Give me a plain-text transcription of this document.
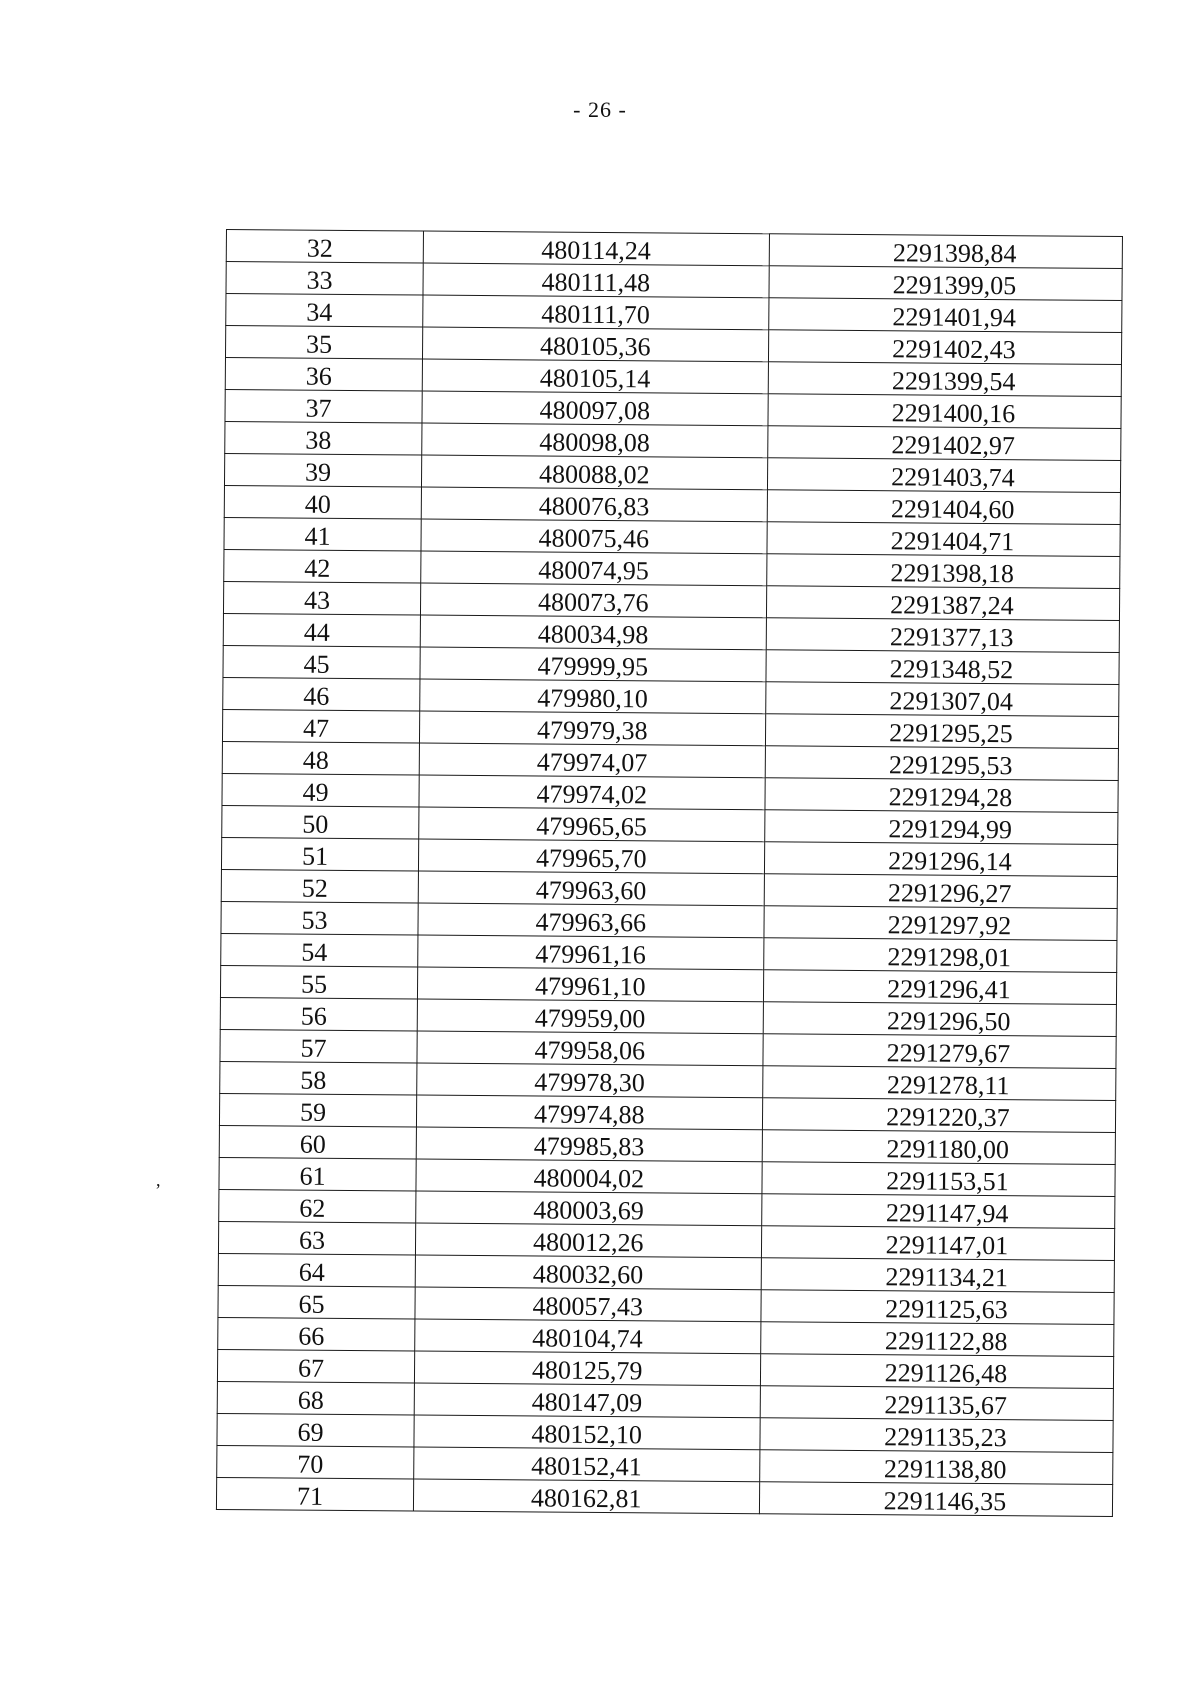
- 26 -
32	480114,24	2291398,84
33	480111,48	2291399,05
34	480111,70	2291401,94
35	480105,36	2291402,43
36	480105,14	2291399,54
37	480097,08	2291400,16
38	480098,08	2291402,97
39	480088,02	2291403,74
40	480076,83	2291404,60
41	480075,46	2291404,71
42	480074,95	2291398,18
43	480073,76	2291387,24
44	480034,98	2291377,13
45	479999,95	2291348,52
46	479980,10	2291307,04
47	479979,38	2291295,25
48	479974,07	2291295,53
49	479974,02	2291294,28
50	479965,65	2291294,99
51	479965,70	2291296,14
52	479963,60	2291296,27
53	479963,66	2291297,92
54	479961,16	2291298,01
55	479961,10	2291296,41
56	479959,00	2291296,50
57	479958,06	2291279,67
58	479978,30	2291278,11
59	479974,88	2291220,37
60	479985,83	2291180,00
61	480004,02	2291153,51
62	480003,69	2291147,94
63	480012,26	2291147,01
64	480032,60	2291134,21
65	480057,43	2291125,63
66	480104,74	2291122,88
67	480125,79	2291126,48
68	480147,09	2291135,67
69	480152,10	2291135,23
70	480152,41	2291138,80
71	480162,81	2291146,35
,
